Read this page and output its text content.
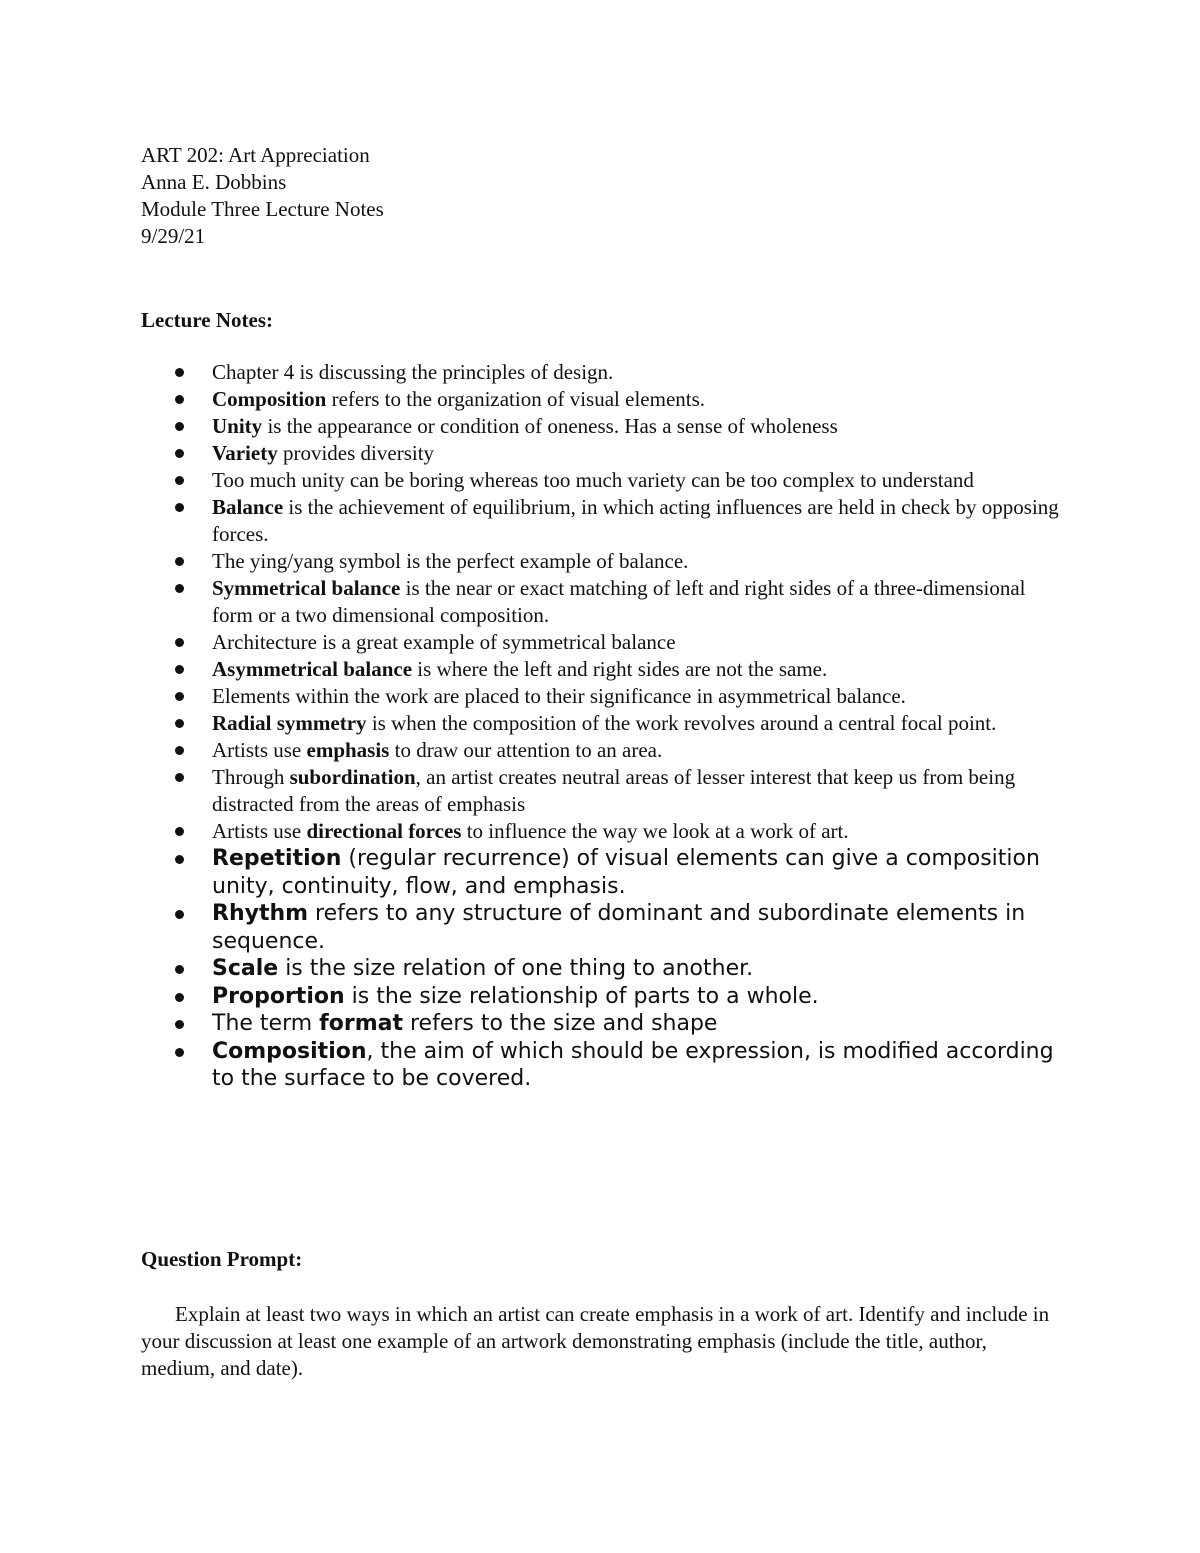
ART 202: Art Appreciation
Anna E. Dobbins
Module Three Lecture Notes
9/29/21
Lecture Notes:
Chapter 4 is discussing the principles of design.
Composition refers to the organization of visual elements.
Unity is the appearance or condition of oneness. Has a sense of wholeness
Variety provides diversity
Too much unity can be boring whereas too much variety can be too complex to understand
Balance is the achievement of equilibrium, in which acting influences are held in check by opposing forces.
The ying/yang symbol is the perfect example of balance.
Symmetrical balance is the near or exact matching of left and right sides of a three-dimensional form or a two dimensional composition.
Architecture is a great example of symmetrical balance
Asymmetrical balance is where the left and right sides are not the same.
Elements within the work are placed to their significance in asymmetrical balance.
Radial symmetry is when the composition of the work revolves around a central focal point.
Artists use emphasis to draw our attention to an area.
Through subordination, an artist creates neutral areas of lesser interest that keep us from being distracted from the areas of emphasis
Artists use directional forces to influence the way we look at a work of art.
Repetition (regular recurrence) of visual elements can give a composition unity, continuity, flow, and emphasis.
Rhythm refers to any structure of dominant and subordinate elements in sequence.
Scale is the size relation of one thing to another.
Proportion is the size relationship of parts to a whole.
The term format refers to the size and shape
Composition, the aim of which should be expression, is modified according to the surface to be covered.
Question Prompt:
Explain at least two ways in which an artist can create emphasis in a work of art. Identify and include in your discussion at least one example of an artwork demonstrating emphasis (include the title, author, medium, and date).
